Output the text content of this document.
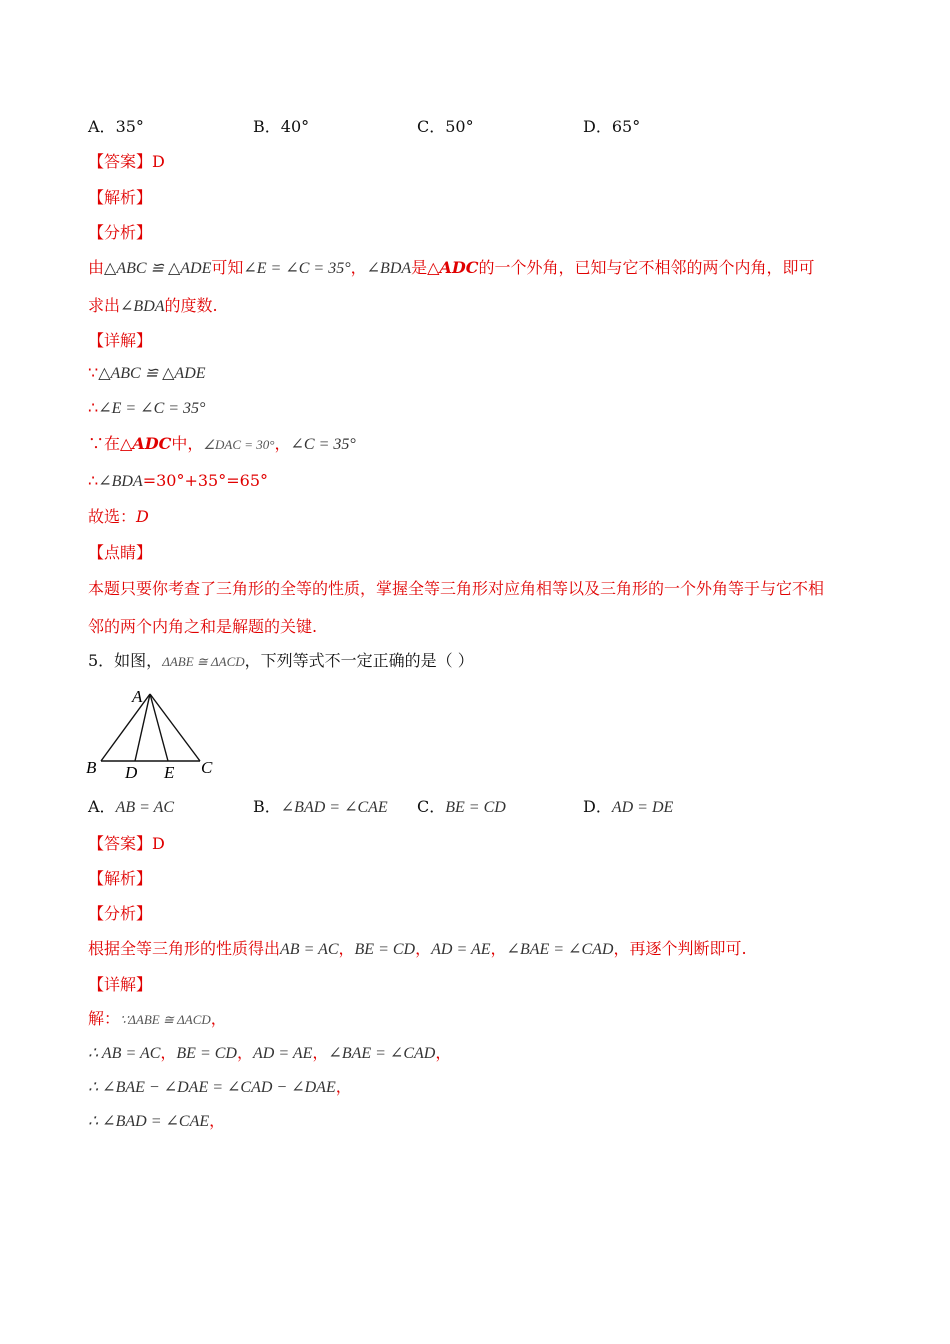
A．35°	B．40°	C．50°	D．65°
【答案】D
【解析】
【分析】
由△ABC ≌ △ADE可知∠E = ∠C = 35°，∠BDA是△ADC的一个外角，已知与它不相邻的两个内角，即可
求出∠BDA的度数.
【详解】
∵△ABC ≌ △ADE
∴∠E = ∠C = 35°
∵在△ADC中，∠DAC = 30°，∠C = 35°
∴∠BDA=30°+35°=65°
故选：D
【点睛】
本题只要你考查了三角形的全等的性质，掌握全等三角形对应角相等以及三角形的一个外角等于与它不相
邻的两个内角之和是解题的关键.
5．如图，ΔABE ≅ ΔACD，下列等式不一定正确的是（ ）
A
B D E C
A．AB = AC	B．∠BAD = ∠CAE C．BE = CD	D．AD = DE
【答案】D
【解析】
【分析】
根据全等三角形的性质得出AB = AC，BE = CD，AD = AE，∠BAE = ∠CAD，再逐个判断即可.
【详解】
解：∵ΔABE ≅ ΔACD，
∴ AB = AC，BE = CD，AD = AE，∠BAE = ∠CAD，
∴ ∠BAE − ∠DAE = ∠CAD − ∠DAE，
∴ ∠BAD = ∠CAE，
